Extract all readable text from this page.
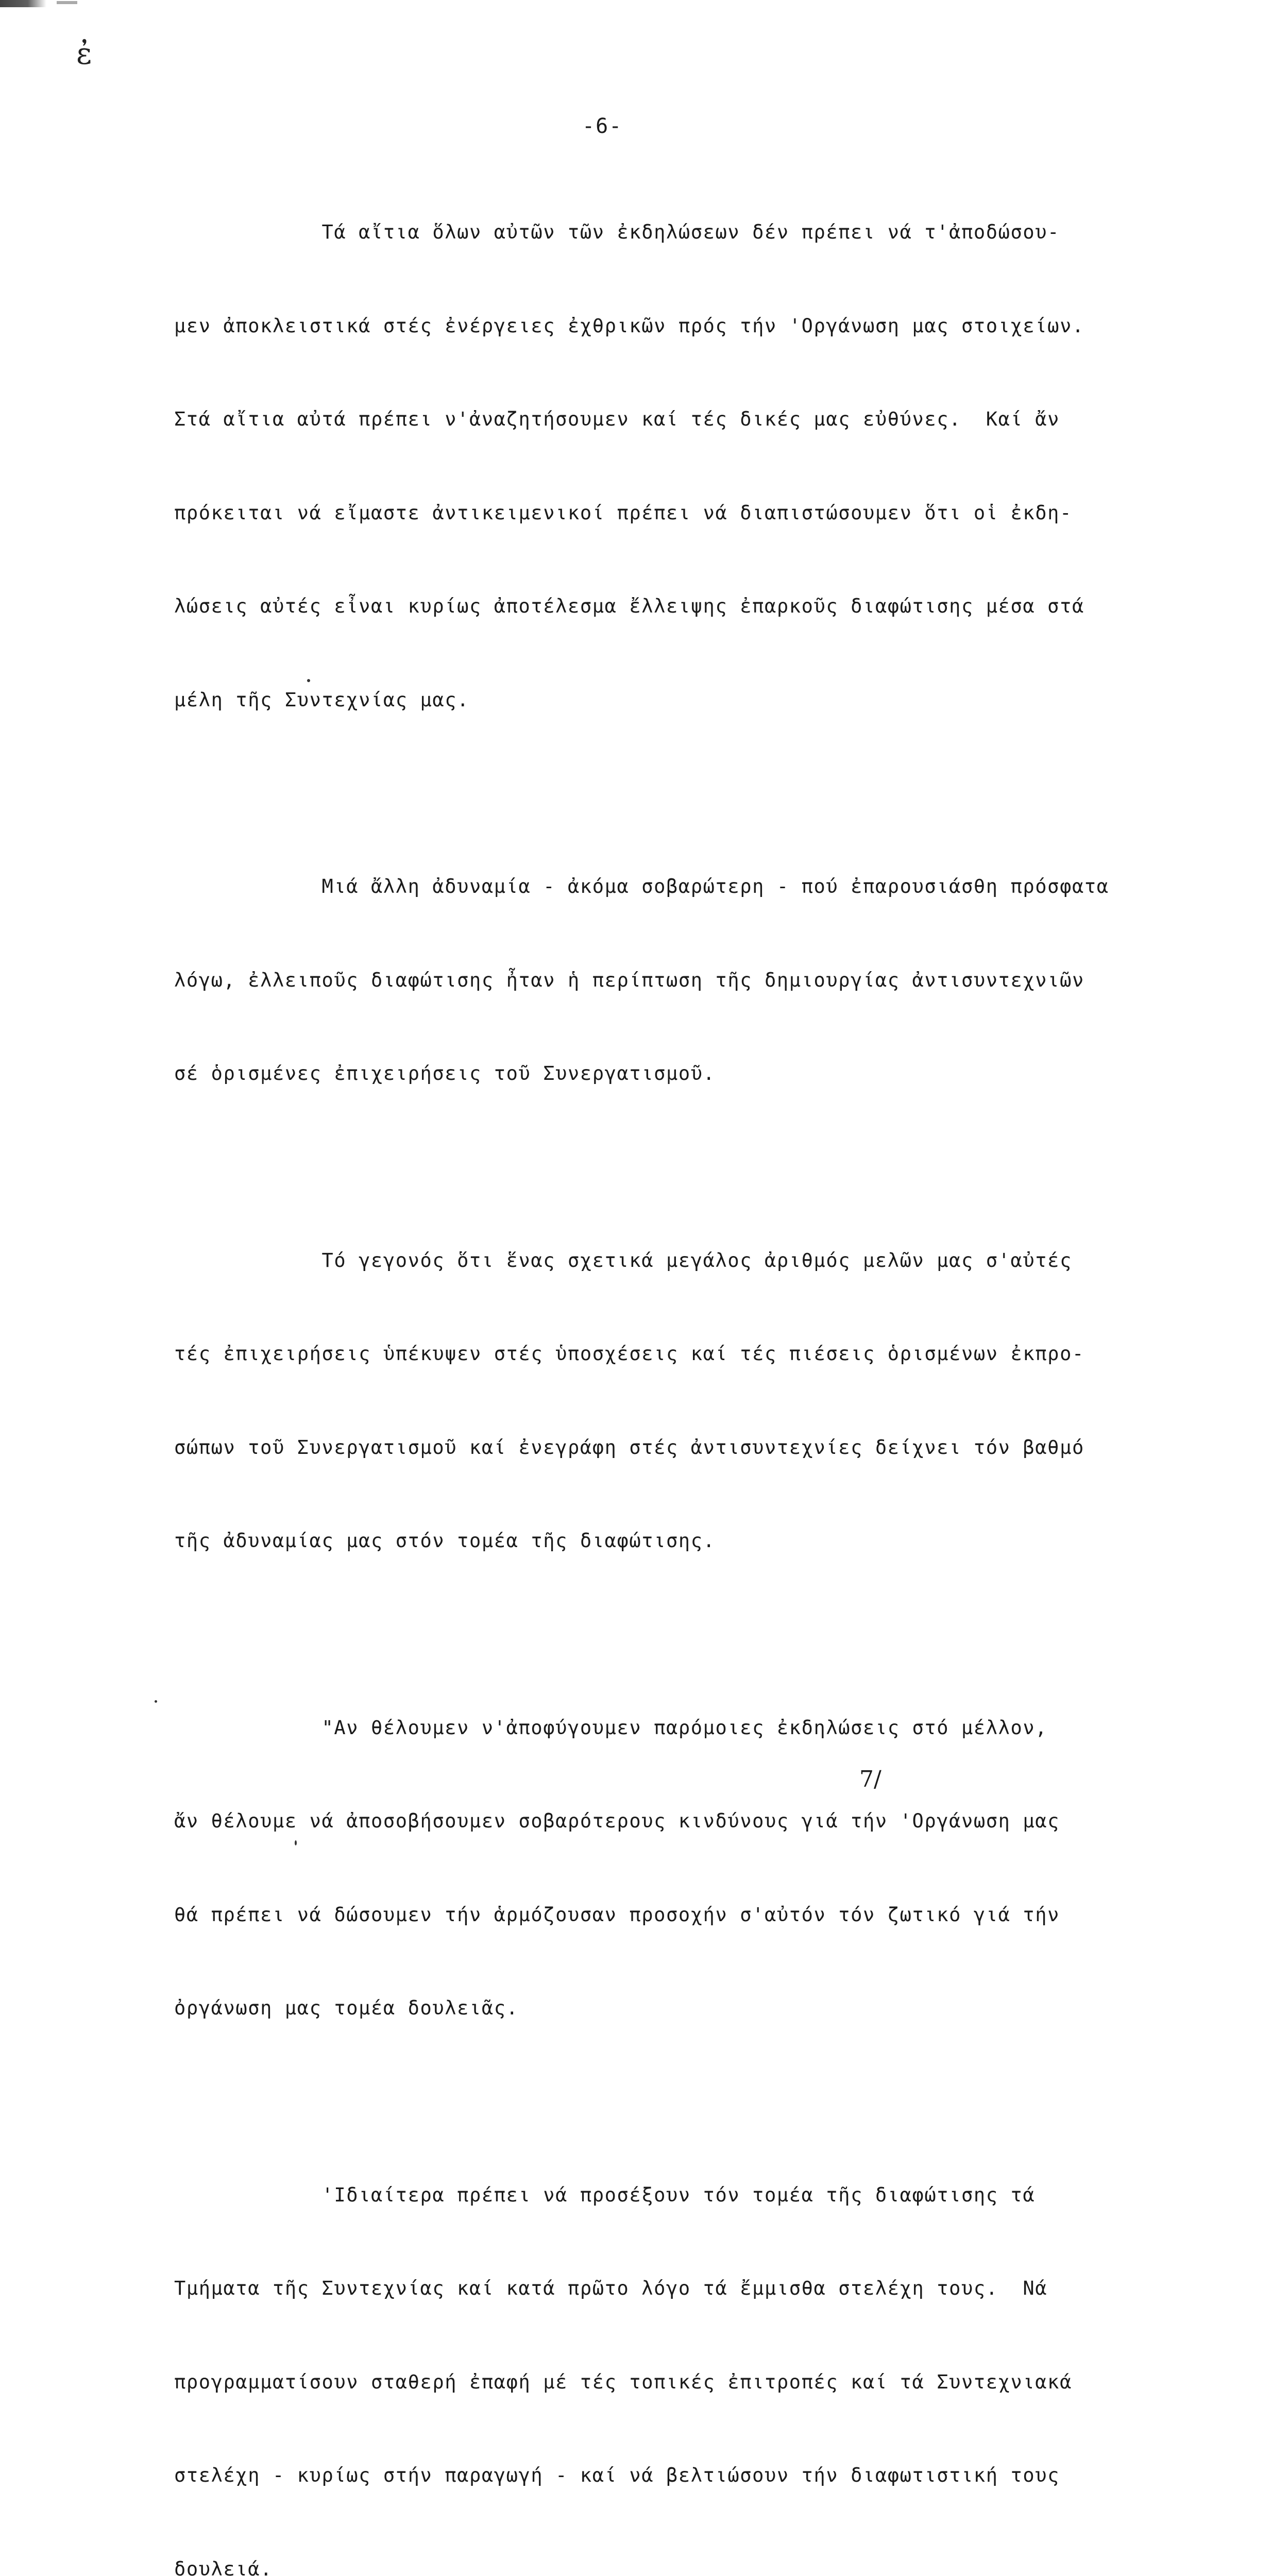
ἐ
-6-

Τά αἴτια ὅλων αὐτῶν τῶν ἐκδηλώσεων δέν πρέπει νά τ'ἀποδώσου-

μεν ἀποκλειστικά στές ἐνέργειες ἐχθρικῶν πρός τήν 'Οργάνωση μας στοιχείων.

Στά αἴτια αὐτά πρέπει ν'ἀναζητήσουμεν καί τές δικές μας εὐθύνες.  Καί ἄν

πρόκειται νά εἴμαστε ἀντικειμενικοί πρέπει νά διαπιστώσουμεν ὅτι οἱ ἐκδη-

λώσεις αὐτές εἶναι κυρίως ἀποτέλεσμα ἔλλειψης ἐπαρκοῦς διαφώτισης μέσα στά

μέλη τῆς Συντεχνίας μας.

Μιά ἄλλη ἀδυναμία - ἀκόμα σοβαρώτερη - πού ἐπαρουσιάσθη πρόσφατα

λόγω, ἐλλειποῦς διαφώτισης ἦταν ἡ περίπτωση τῆς δημιουργίας ἀντισυντεχνιῶν

σέ ὁρισμένες ἐπιχειρήσεις τοῦ Συνεργατισμοῦ.

Τό γεγονός ὅτι ἕνας σχετικά μεγάλος ἀριθμός μελῶν μας σ'αὐτές

τές ἐπιχειρήσεις ὑπέκυψεν στές ὑποσχέσεις καί τές πιέσεις ὁρισμένων ἐκπρο-

σώπων τοῦ Συνεργατισμοῦ καί ἐνεγράφη στές ἀντισυντεχνίες δείχνει τόν βαθμό

τῆς ἀδυναμίας μας στόν τομέα τῆς διαφώτισης.

"Αν θέλουμεν ν'ἀποφύγουμεν παρόμοιες ἐκδηλώσεις στό μέλλον,

ἄν θέλουμε νά ἀποσοβήσουμεν σοβαρότερους κινδύνους γιά τήν 'Οργάνωση μας

θά πρέπει νά δώσουμεν τήν ἁρμόζουσαν προσοχήν σ'αὐτόν τόν ζωτικό γιά τήν

ὀργάνωση μας τομέα δουλειᾶς.

'Ιδιαίτερα πρέπει νά προσέξουν τόν τομέα τῆς διαφώτισης τά

Τμήματα τῆς Συντεχνίας καί κατά πρῶτο λόγο τά ἔμμισθα στελέχη τους.  Νά

προγραμματίσουν σταθερή ἐπαφή μέ τές τοπικές ἐπιτροπές καί τά Συντεχνιακά

στελέχη - κυρίως στήν παραγωγή - καί νά βελτιώσουν τήν διαφωτιστική τους

δουλειά.

7/
